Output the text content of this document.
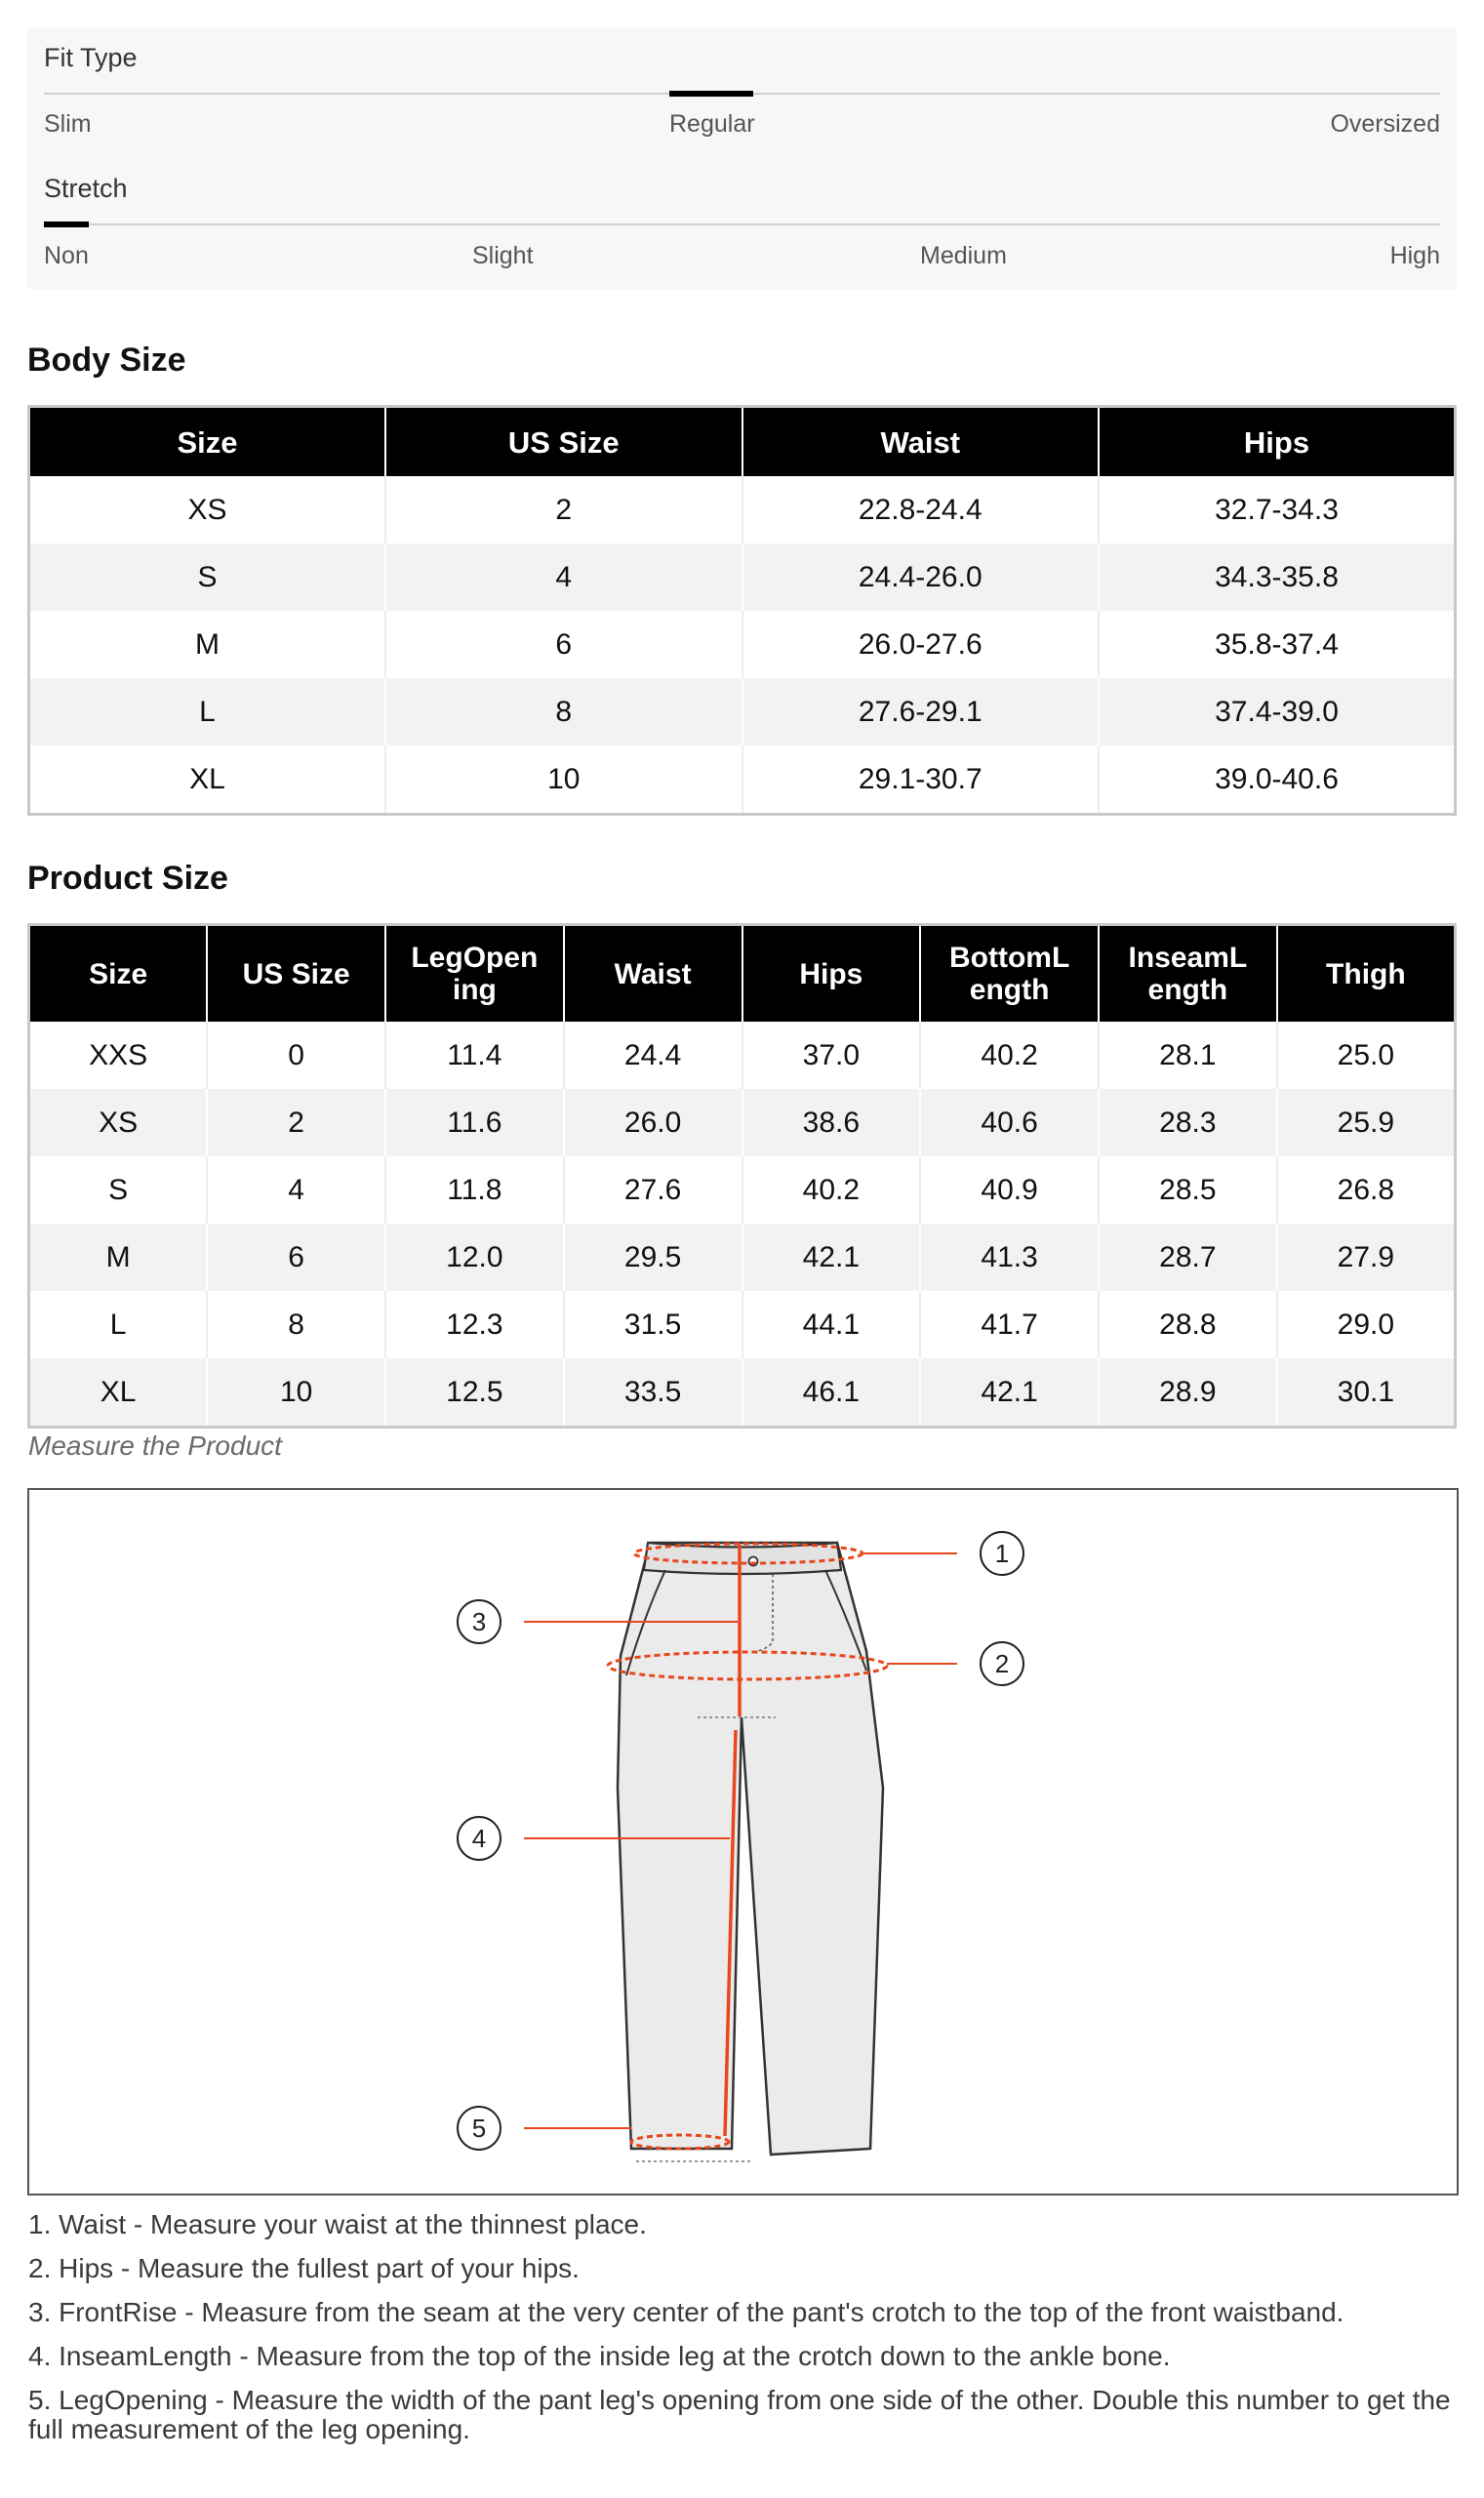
Fit Type
Slim	Regular	Oversized
Stretch
Non	Slight	Medium	High
Body Size
Size	US Size	Waist	Hips
XS	2	22.8-24.4	32.7-34.3
S	4	24.4-26.0	34.3-35.8
M	6	26.0-27.6	35.8-37.4
L	8	27.6-29.1	37.4-39.0
XL	10	29.1-30.7	39.0-40.6
Product Size
Size	US Size	LegOpen ing	Waist	Hips	BottomL ength	InseamL ength	Thigh
XXS	0	11.4	24.4	37.0	40.2	28.1	25.0
XS	2	11.6	26.0	38.6	40.6	28.3	25.9
S	4	11.8	27.6	40.2	40.9	28.5	26.8
M	6	12.0	29.5	42.1	41.3	28.7	27.9
L	8	12.3	31.5	44.1	41.7	28.8	29.0
XL	10	12.5	33.5	46.1	42.1	28.9	30.1
Measure the Product
1
2
3
4
5

1. Waist - Measure your waist at the thinnest place.

2. Hips - Measure the fullest part of your hips.

3. FrontRise - Measure from the seam at the very center of the pant's crotch to the top of the front waistband.

4. InseamLength - Measure from the top of the inside leg at the crotch down to the ankle bone.

5. LegOpening - Measure the width of the pant leg's opening from one side of the other. Double this number to get the full measurement of the leg opening.
